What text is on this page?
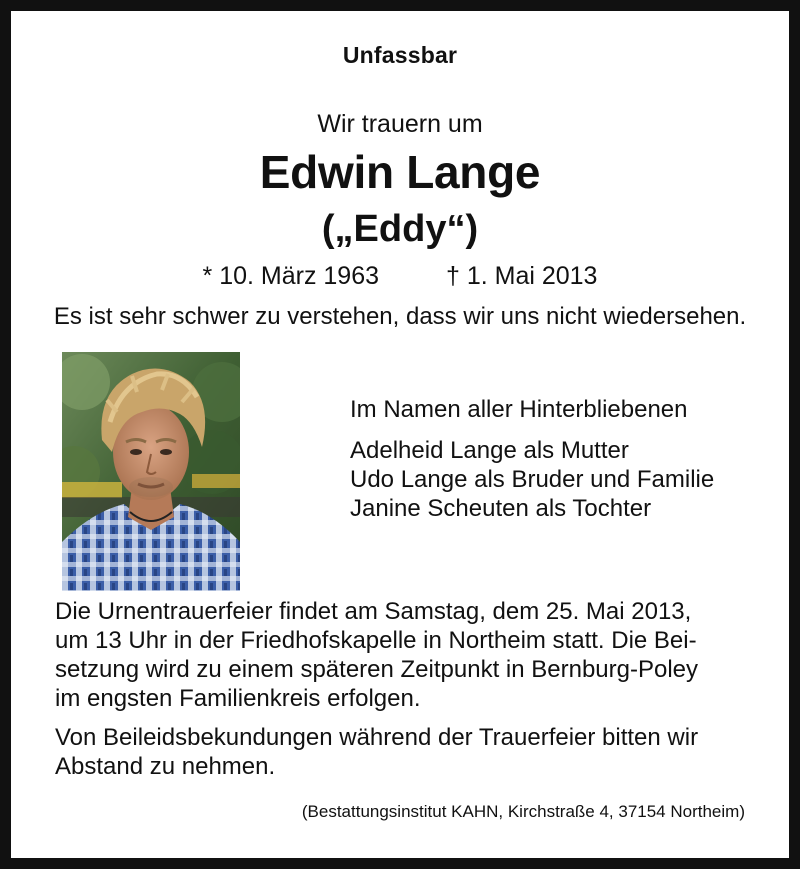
Unfassbar
Wir trauern um
Edwin Lange
(„Eddy“)
* 10. März 1963	† 1. Mai 2013
Es ist sehr schwer zu verstehen, dass wir uns nicht wiedersehen.
Im Namen aller Hinterbliebenen
Adelheid Lange als Mutter
Udo Lange als Bruder und Familie
Janine Scheuten als Tochter

Die Urnentrauerfeier findet am Samstag, dem 25. Mai 2013,
um 13 Uhr in der Friedhofskapelle in Northeim statt. Die Bei-
setzung wird zu einem späteren Zeitpunkt in Bernburg-Poley
im engsten Familienkreis erfolgen.

Von Beileidsbekundungen während der Trauerfeier bitten wir
Abstand zu nehmen.

(Bestattungsinstitut KAHN, Kirchstraße 4, 37154 Northeim)
